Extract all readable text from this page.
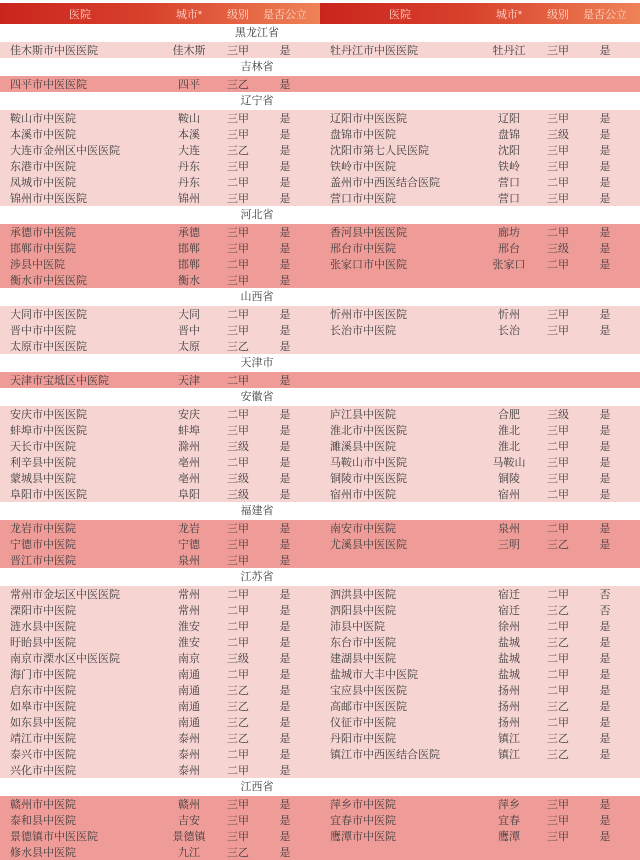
医院	城市*	级别	是否公立	医院	城市*	级别	是否公立
黑龙江省
佳木斯市中医医院	佳木斯	三甲	是	牡丹江市中医医院	牡丹江	三甲	是
吉林省
四平市中医医院	四平	三乙	是
辽宁省
鞍山市中医院	鞍山	三甲	是	辽阳市中医医院	辽阳	三甲	是
本溪市中医院	本溪	三甲	是	盘锦市中医院	盘锦	三级	是
大连市金州区中医医院	大连	三乙	是	沈阳市第七人民医院	沈阳	三甲	是
东港市中医院	丹东	三甲	是	铁岭市中医院	铁岭	三甲	是
凤城市中医院	丹东	二甲	是	盖州市中西医结合医院	营口	二甲	是
锦州市中医医院	锦州	三甲	是	营口市中医院	营口	三甲	是
河北省
承德市中医院	承德	三甲	是	香河县中医医院	廊坊	二甲	是
邯郸市中医院	邯郸	三甲	是	邢台市中医院	邢台	三级	是
涉县中医院	邯郸	二甲	是	张家口市中医院	张家口	二甲	是
衡水市中医医院	衡水	三甲	是
山西省
大同市中医医院	大同	二甲	是	忻州市中医医院	忻州	三甲	是
晋中市中医院	晋中	三甲	是	长治市中医院	长治	三甲	是
太原市中医医院	太原	三乙	是
天津市
天津市宝坻区中医院	天津	二甲	是
安徽省
安庆市中医医院	安庆	二甲	是	庐江县中医院	合肥	三级	是
蚌埠市中医医院	蚌埠	三甲	是	淮北市中医医院	淮北	三甲	是
天长市中医院	滁州	三级	是	濉溪县中医院	淮北	二甲	是
利辛县中医院	亳州	二甲	是	马鞍山市中医院	马鞍山	三甲	是
蒙城县中医院	亳州	三级	是	铜陵市中医医院	铜陵	三甲	是
阜阳市中医医院	阜阳	三级	是	宿州市中医院	宿州	二甲	是
福建省
龙岩市中医院	龙岩	三甲	是	南安市中医院	泉州	二甲	是
宁德市中医院	宁德	三甲	是	尤溪县中医医院	三明	三乙	是
晋江市中医院	泉州	三甲	是
江苏省
常州市金坛区中医医院	常州	二甲	是	泗洪县中医院	宿迁	二甲	否
溧阳市中医院	常州	二甲	是	泗阳县中医院	宿迁	三乙	否
涟水县中医院	淮安	二甲	是	沛县中医院	徐州	二甲	是
盱眙县中医院	淮安	二甲	是	东台市中医院	盐城	三乙	是
南京市溧水区中医医院	南京	三级	是	建湖县中医院	盐城	二甲	是
海门市中医院	南通	二甲	是	盐城市大丰中医院	盐城	二甲	是
启东市中医院	南通	三乙	是	宝应县中医医院	扬州	二甲	是
如皋市中医院	南通	三乙	是	高邮市中医医院	扬州	三乙	是
如东县中医院	南通	三乙	是	仪征市中医院	扬州	二甲	是
靖江市中医院	泰州	三乙	是	丹阳市中医院	镇江	三乙	是
泰兴市中医院	泰州	二甲	是	镇江市中西医结合医院	镇江	三乙	是
兴化市中医院	泰州	二甲	是
江西省
赣州市中医院	赣州	三甲	是	萍乡市中医院	萍乡	三甲	是
泰和县中医院	吉安	三甲	是	宜春市中医院	宜春	三甲	是
景德镇市中医医院	景德镇	三甲	是	鹰潭市中医院	鹰潭	三甲	是
修水县中医院	九江	三乙	是
